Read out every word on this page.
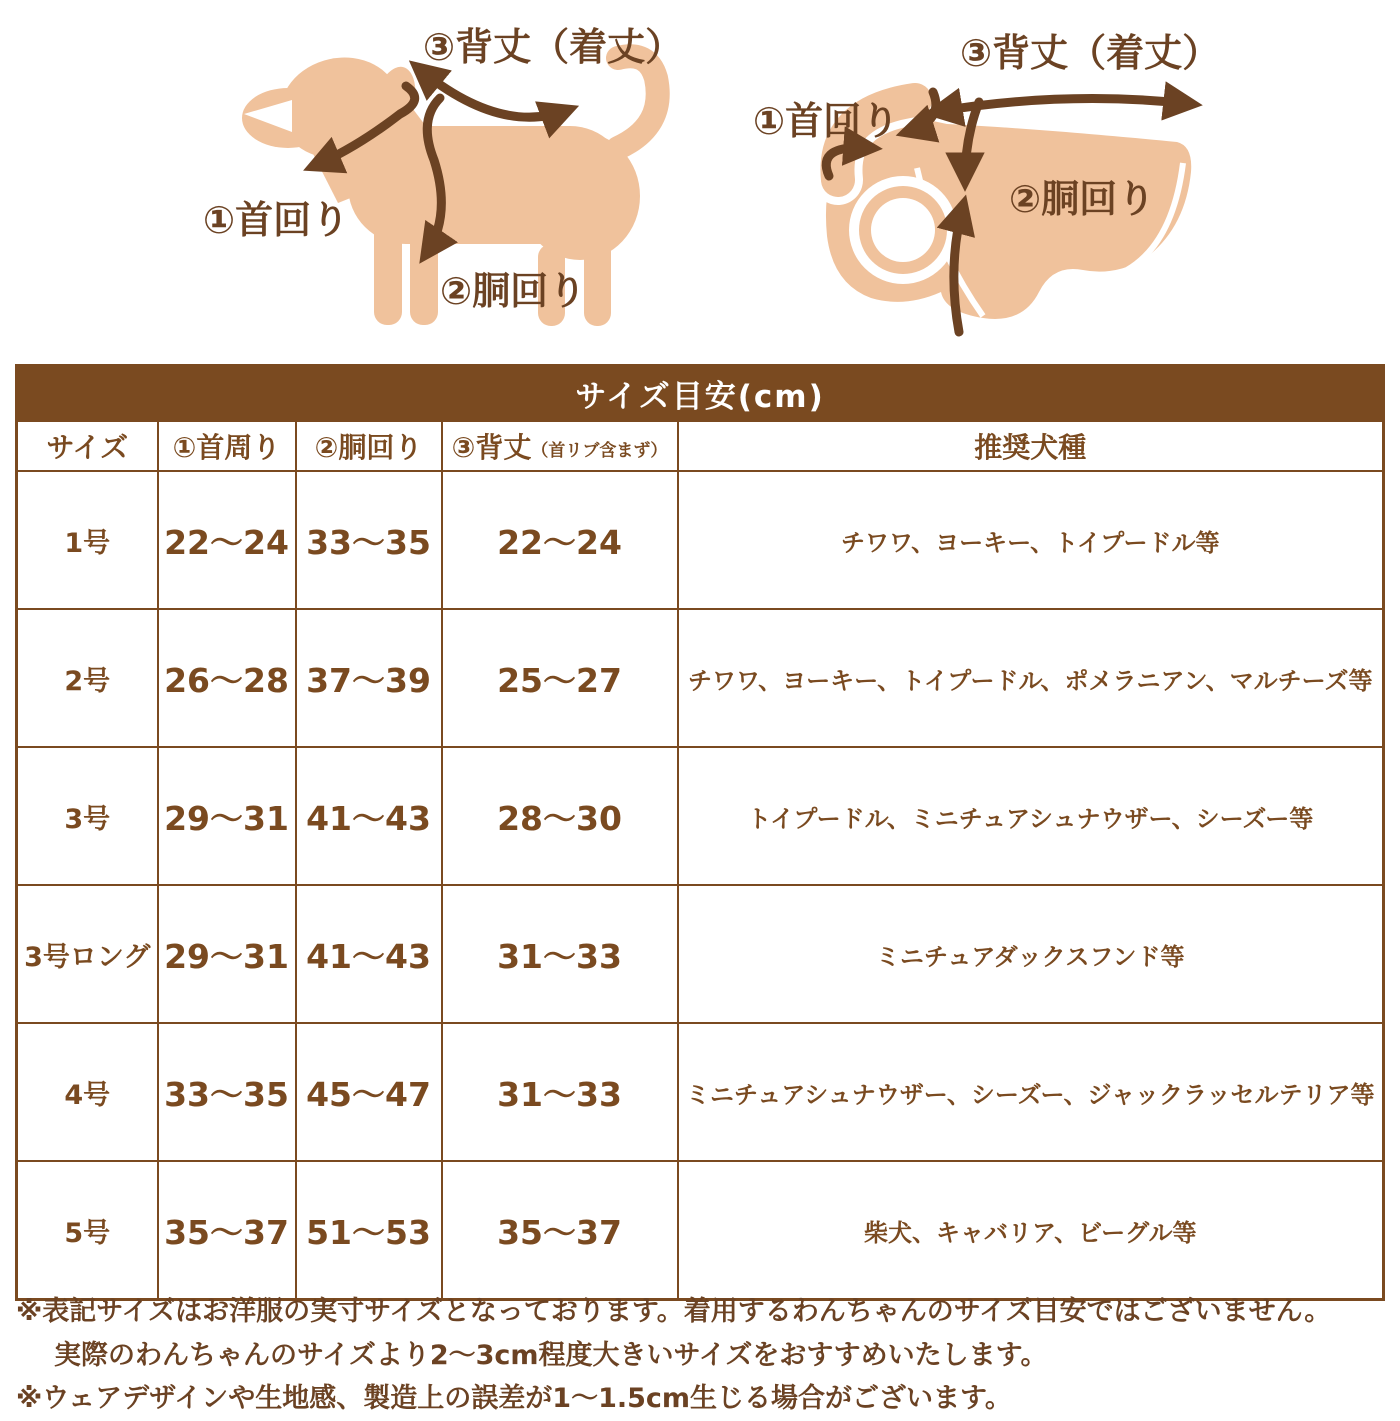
③背丈（着丈）
①首回り
②胴回り
③背丈（着丈）
①首回り
②胴回り
サイズ目安(cm)				
サイズ	①首周り	②胴回り	③背丈（首リブ含まず）	推奨犬種
1号	22〜24	33〜35	22〜24	チワワ、ヨーキー、トイプードル等
2号	26〜28	37〜39	25〜27	チワワ、ヨーキー、トイプードル、ポメラニアン、マルチーズ等
3号	29〜31	41〜43	28〜30	トイプードル、ミニチュアシュナウザー、シーズー等
3号ロング	29〜31	41〜43	31〜33	ミニチュアダックスフンド等
4号	33〜35	45〜47	31〜33	ミニチュアシュナウザー、シーズー、ジャックラッセルテリア等
5号	35〜37	51〜53	35〜37	柴犬、キャバリア、ビーグル等
※表記サイズはお洋服の実寸サイズとなっております。着用するわんちゃんのサイズ目安ではございません。
実際のわんちゃんのサイズより2〜3cm程度大きいサイズをおすすめいたします。
※ウェアデザインや生地感、製造上の誤差が1〜1.5cm生じる場合がございます。
